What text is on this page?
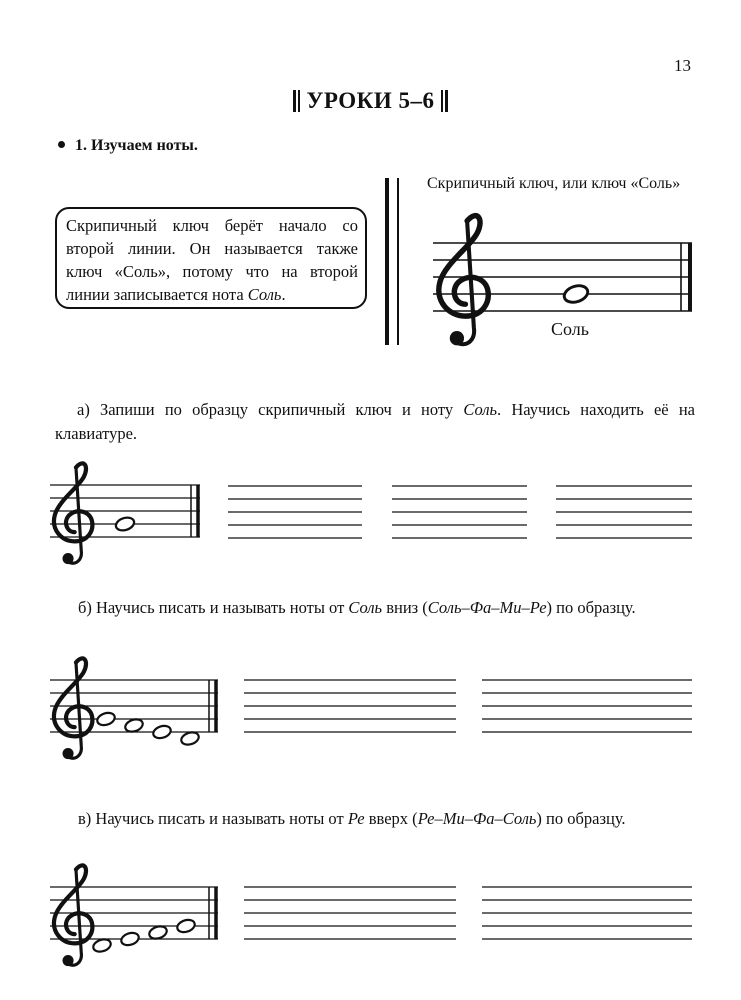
13
УРОКИ 5–6
1. Изучаем ноты.
Скрипичный ключ берёт начало со второй линии. Он называется также ключ «Соль», потому что на второй линии записывается нота Соль.
Скрипичный ключ, или ключ «Соль»
Соль
а) Запиши по образцу скрипичный ключ и ноту Соль. Научись находить её на клавиатуре.
б) Научись писать и называть ноты от Соль вниз (Соль–Фа–Ми–Ре) по образцу.
в) Научись писать и называть ноты от Ре вверх (Ре–Ми–Фа–Соль) по образцу.
